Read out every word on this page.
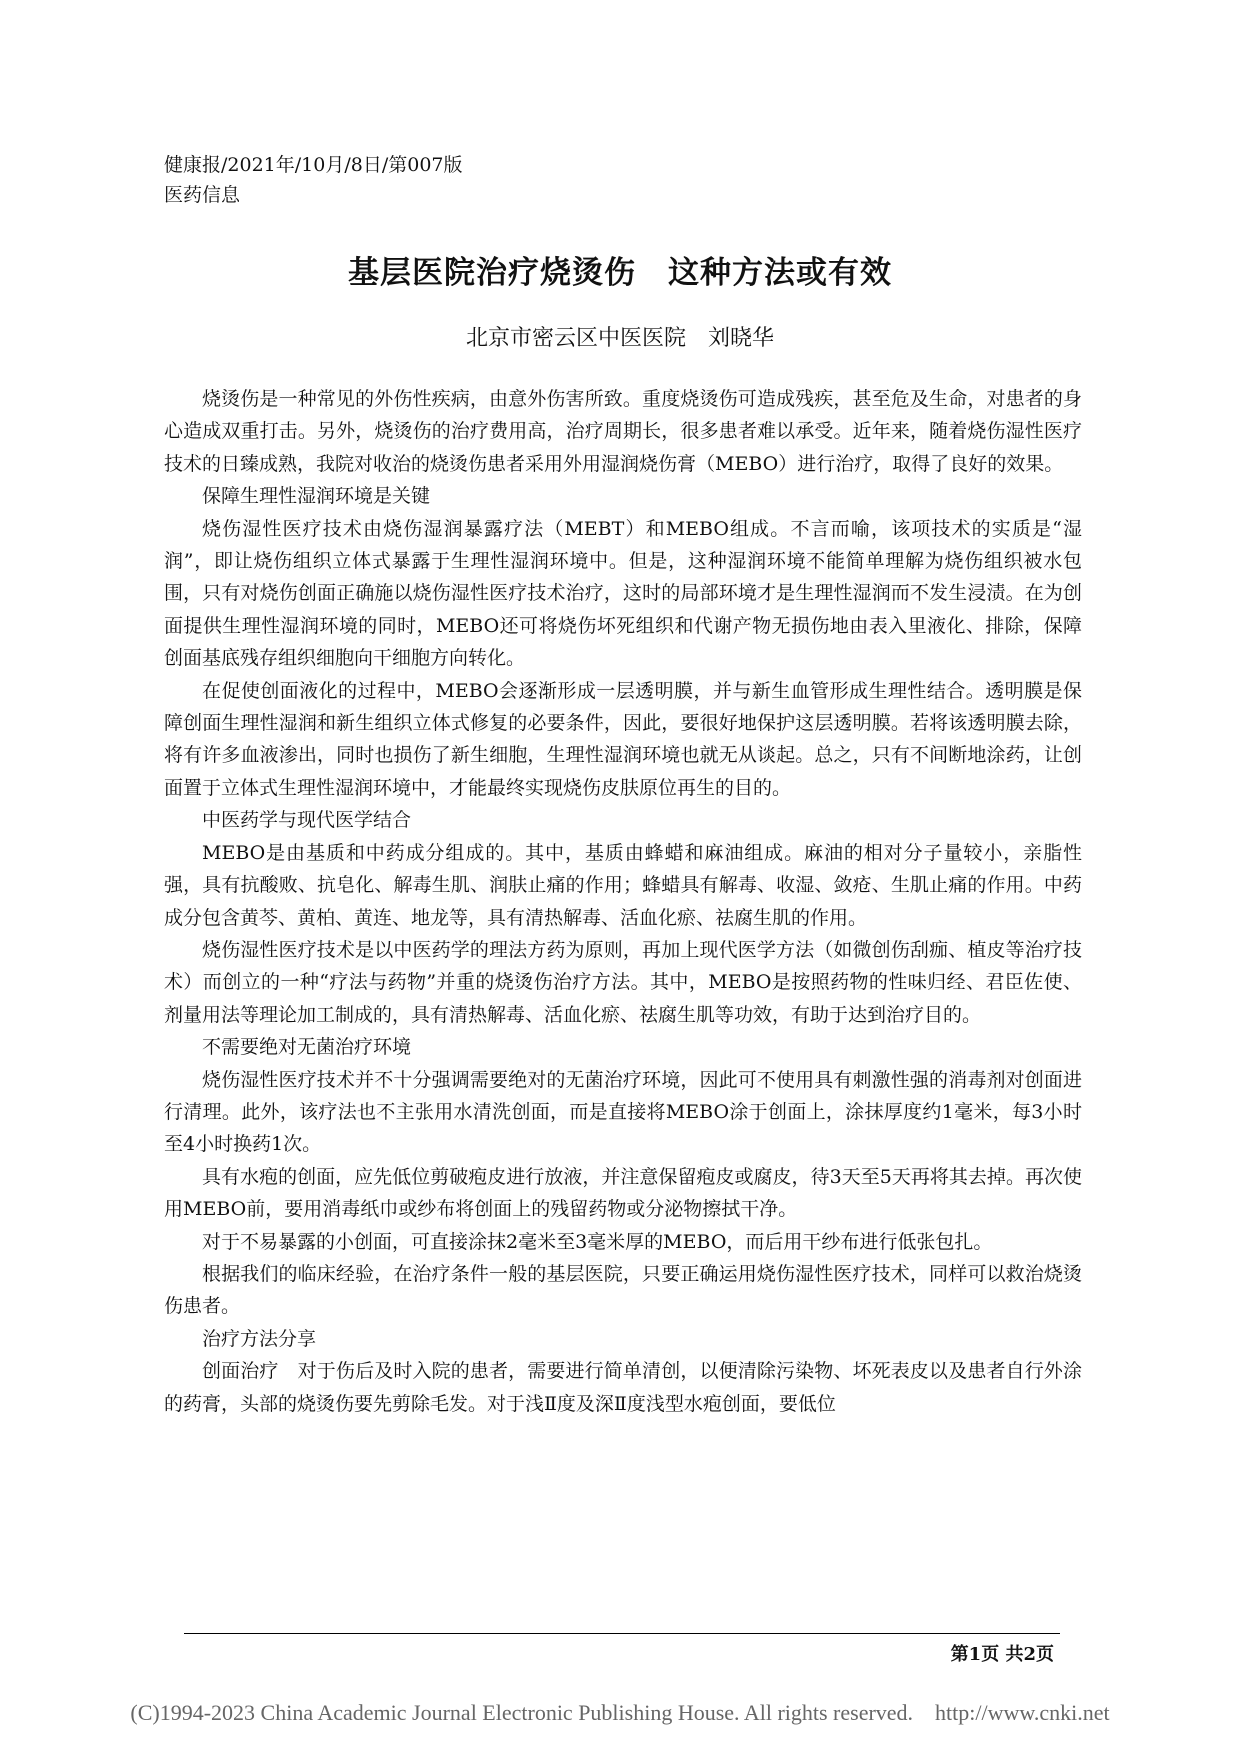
健康报/2021年/10月/8日/第007版
医药信息
基层医院治疗烧烫伤　这种方法或有效
北京市密云区中医医院　刘晓华

烧烫伤是一种常见的外伤性疾病，由意外伤害所致。重度烧烫伤可造成残疾，甚至危及生命，对患者的身心造成双重打击。另外，烧烫伤的治疗费用高，治疗周期长，很多患者难以承受。近年来，随着烧伤湿性医疗技术的日臻成熟，我院对收治的烧烫伤患者采用外用湿润烧伤膏（MEBO）进行治疗，取得了良好的效果。

保障生理性湿润环境是关键

烧伤湿性医疗技术由烧伤湿润暴露疗法（MEBT）和MEBO组成。不言而喻，该项技术的实质是“湿润”，即让烧伤组织立体式暴露于生理性湿润环境中。但是，这种湿润环境不能简单理解为烧伤组织被水包围，只有对烧伤创面正确施以烧伤湿性医疗技术治疗，这时的局部环境才是生理性湿润而不发生浸渍。在为创面提供生理性湿润环境的同时，MEBO还可将烧伤坏死组织和代谢产物无损伤地由表入里液化、排除，保障创面基底残存组织细胞向干细胞方向转化。

在促使创面液化的过程中，MEBO会逐渐形成一层透明膜，并与新生血管形成生理性结合。透明膜是保障创面生理性湿润和新生组织立体式修复的必要条件，因此，要很好地保护这层透明膜。若将该透明膜去除，将有许多血液渗出，同时也损伤了新生细胞，生理性湿润环境也就无从谈起。总之，只有不间断地涂药，让创面置于立体式生理性湿润环境中，才能最终实现烧伤皮肤原位再生的目的。

中医药学与现代医学结合

MEBO是由基质和中药成分组成的。其中，基质由蜂蜡和麻油组成。麻油的相对分子量较小，亲脂性强，具有抗酸败、抗皂化、解毒生肌、润肤止痛的作用；蜂蜡具有解毒、收湿、敛疮、生肌止痛的作用。中药成分包含黄芩、黄柏、黄连、地龙等，具有清热解毒、活血化瘀、祛腐生肌的作用。

烧伤湿性医疗技术是以中医药学的理法方药为原则，再加上现代医学方法（如微创伤刮痂、植皮等治疗技术）而创立的一种“疗法与药物”并重的烧烫伤治疗方法。其中，MEBO是按照药物的性味归经、君臣佐使、剂量用法等理论加工制成的，具有清热解毒、活血化瘀、祛腐生肌等功效，有助于达到治疗目的。

不需要绝对无菌治疗环境

烧伤湿性医疗技术并不十分强调需要绝对的无菌治疗环境，因此可不使用具有刺激性强的消毒剂对创面进行清理。此外，该疗法也不主张用水清洗创面，而是直接将MEBO涂于创面上，涂抹厚度约1毫米，每3小时至4小时换药1次。

具有水疱的创面，应先低位剪破疱皮进行放液，并注意保留疱皮或腐皮，待3天至5天再将其去掉。再次使用MEBO前，要用消毒纸巾或纱布将创面上的残留药物或分泌物擦拭干净。

对于不易暴露的小创面，可直接涂抹2毫米至3毫米厚的MEBO，而后用干纱布进行低张包扎。

根据我们的临床经验，在治疗条件一般的基层医院，只要正确运用烧伤湿性医疗技术，同样可以救治烧烫伤患者。

治疗方法分享

创面治疗　对于伤后及时入院的患者，需要进行简单清创，以便清除污染物、坏死表皮以及患者自行外涂的药膏，头部的烧烫伤要先剪除毛发。对于浅Ⅱ度及深Ⅱ度浅型水疱创面，要低位

第1页 共2页
(C)1994-2023 China Academic Journal Electronic Publishing House. All rights reserved.    http://www.cnki.net
